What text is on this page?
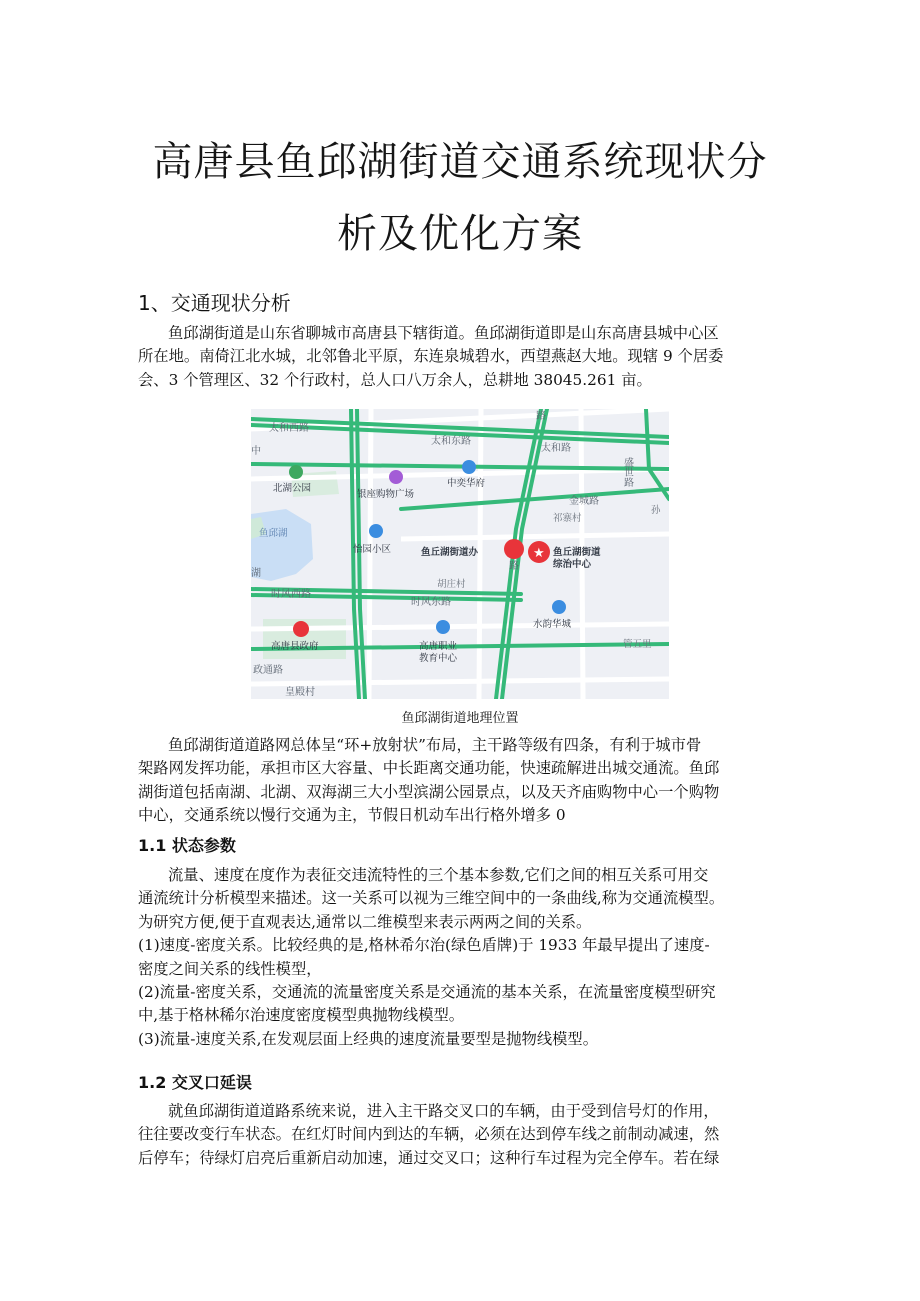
高唐县鱼邱湖街道交通系统现状分
析及优化方案
1、交通现状分析
鱼邱湖街道是山东省聊城市高唐县下辖街道。鱼邱湖街道即是山东高唐县城中心区
所在地。南倚江北水城，北邻鲁北平原，东连泉城碧水，西望燕赵大地。现辖 9 个居委
会、3 个管理区、32 个行政村，总人口八万余人，总耕地 38045.261 亩。
太和西路
太和东路
太和路
金城路
时风西路
时风东路
政通路
皇殿村
路
中
湖
路
盛世路
★
北湖公园
银座购物广场
中奕华府
鱼邱湖
怡园小区	鱼丘湖街道办	鱼丘湖街道
综治中心
胡庄村
祁寨村
高唐县政府	高唐职业
教育中心
水韵华城
管五里
孙

鱼邱湖街道地理位置

鱼邱湖街道道路网总体呈“环+放射状”布局，主干路等级有四条，有利于城市骨
架路网发挥功能，承担市区大容量、中长距离交通功能，快速疏解进出城交通流。鱼邱
湖街道包括南湖、北湖、双海湖三大小型滨湖公园景点，以及天齐庙购物中心一个购物
中心，交通系统以慢行交通为主，节假日机动车出行格外增多 0
1.1 状态参数
流量、速度在度作为表征交违流特性的三个基本参数,它们之间的相互关系可用交
通流统计分析模型来描述。这一关系可以视为三维空间中的一条曲线,称为交通流模型。
为研究方便,便于直观表达,通常以二维模型来表示两两之间的关系。
(1)速度-密度关系。比较经典的是,格林希尔治(绿色盾牌)于 1933 年最早提出了速度-
密度之间关系的线性模型，
(2)流量-密度关系，交通流的流量密度关系是交通流的基本关系，在流量密度模型研究
中,基于格林稀尔治速度密度模型典抛物线模型。
(3)流量-速度关系,在发观层面上经典的速度流量要型是抛物线模型。
1.2 交叉口延误
就鱼邱湖街道道路系统来说，进入主干路交叉口的车辆，由于受到信号灯的作用，
往往要改变行车状态。在红灯时间内到达的车辆，必须在达到停车线之前制动减速，然
后停车；待绿灯启亮后重新启动加速，通过交叉口；这种行车过程为完全停车。若在绿
